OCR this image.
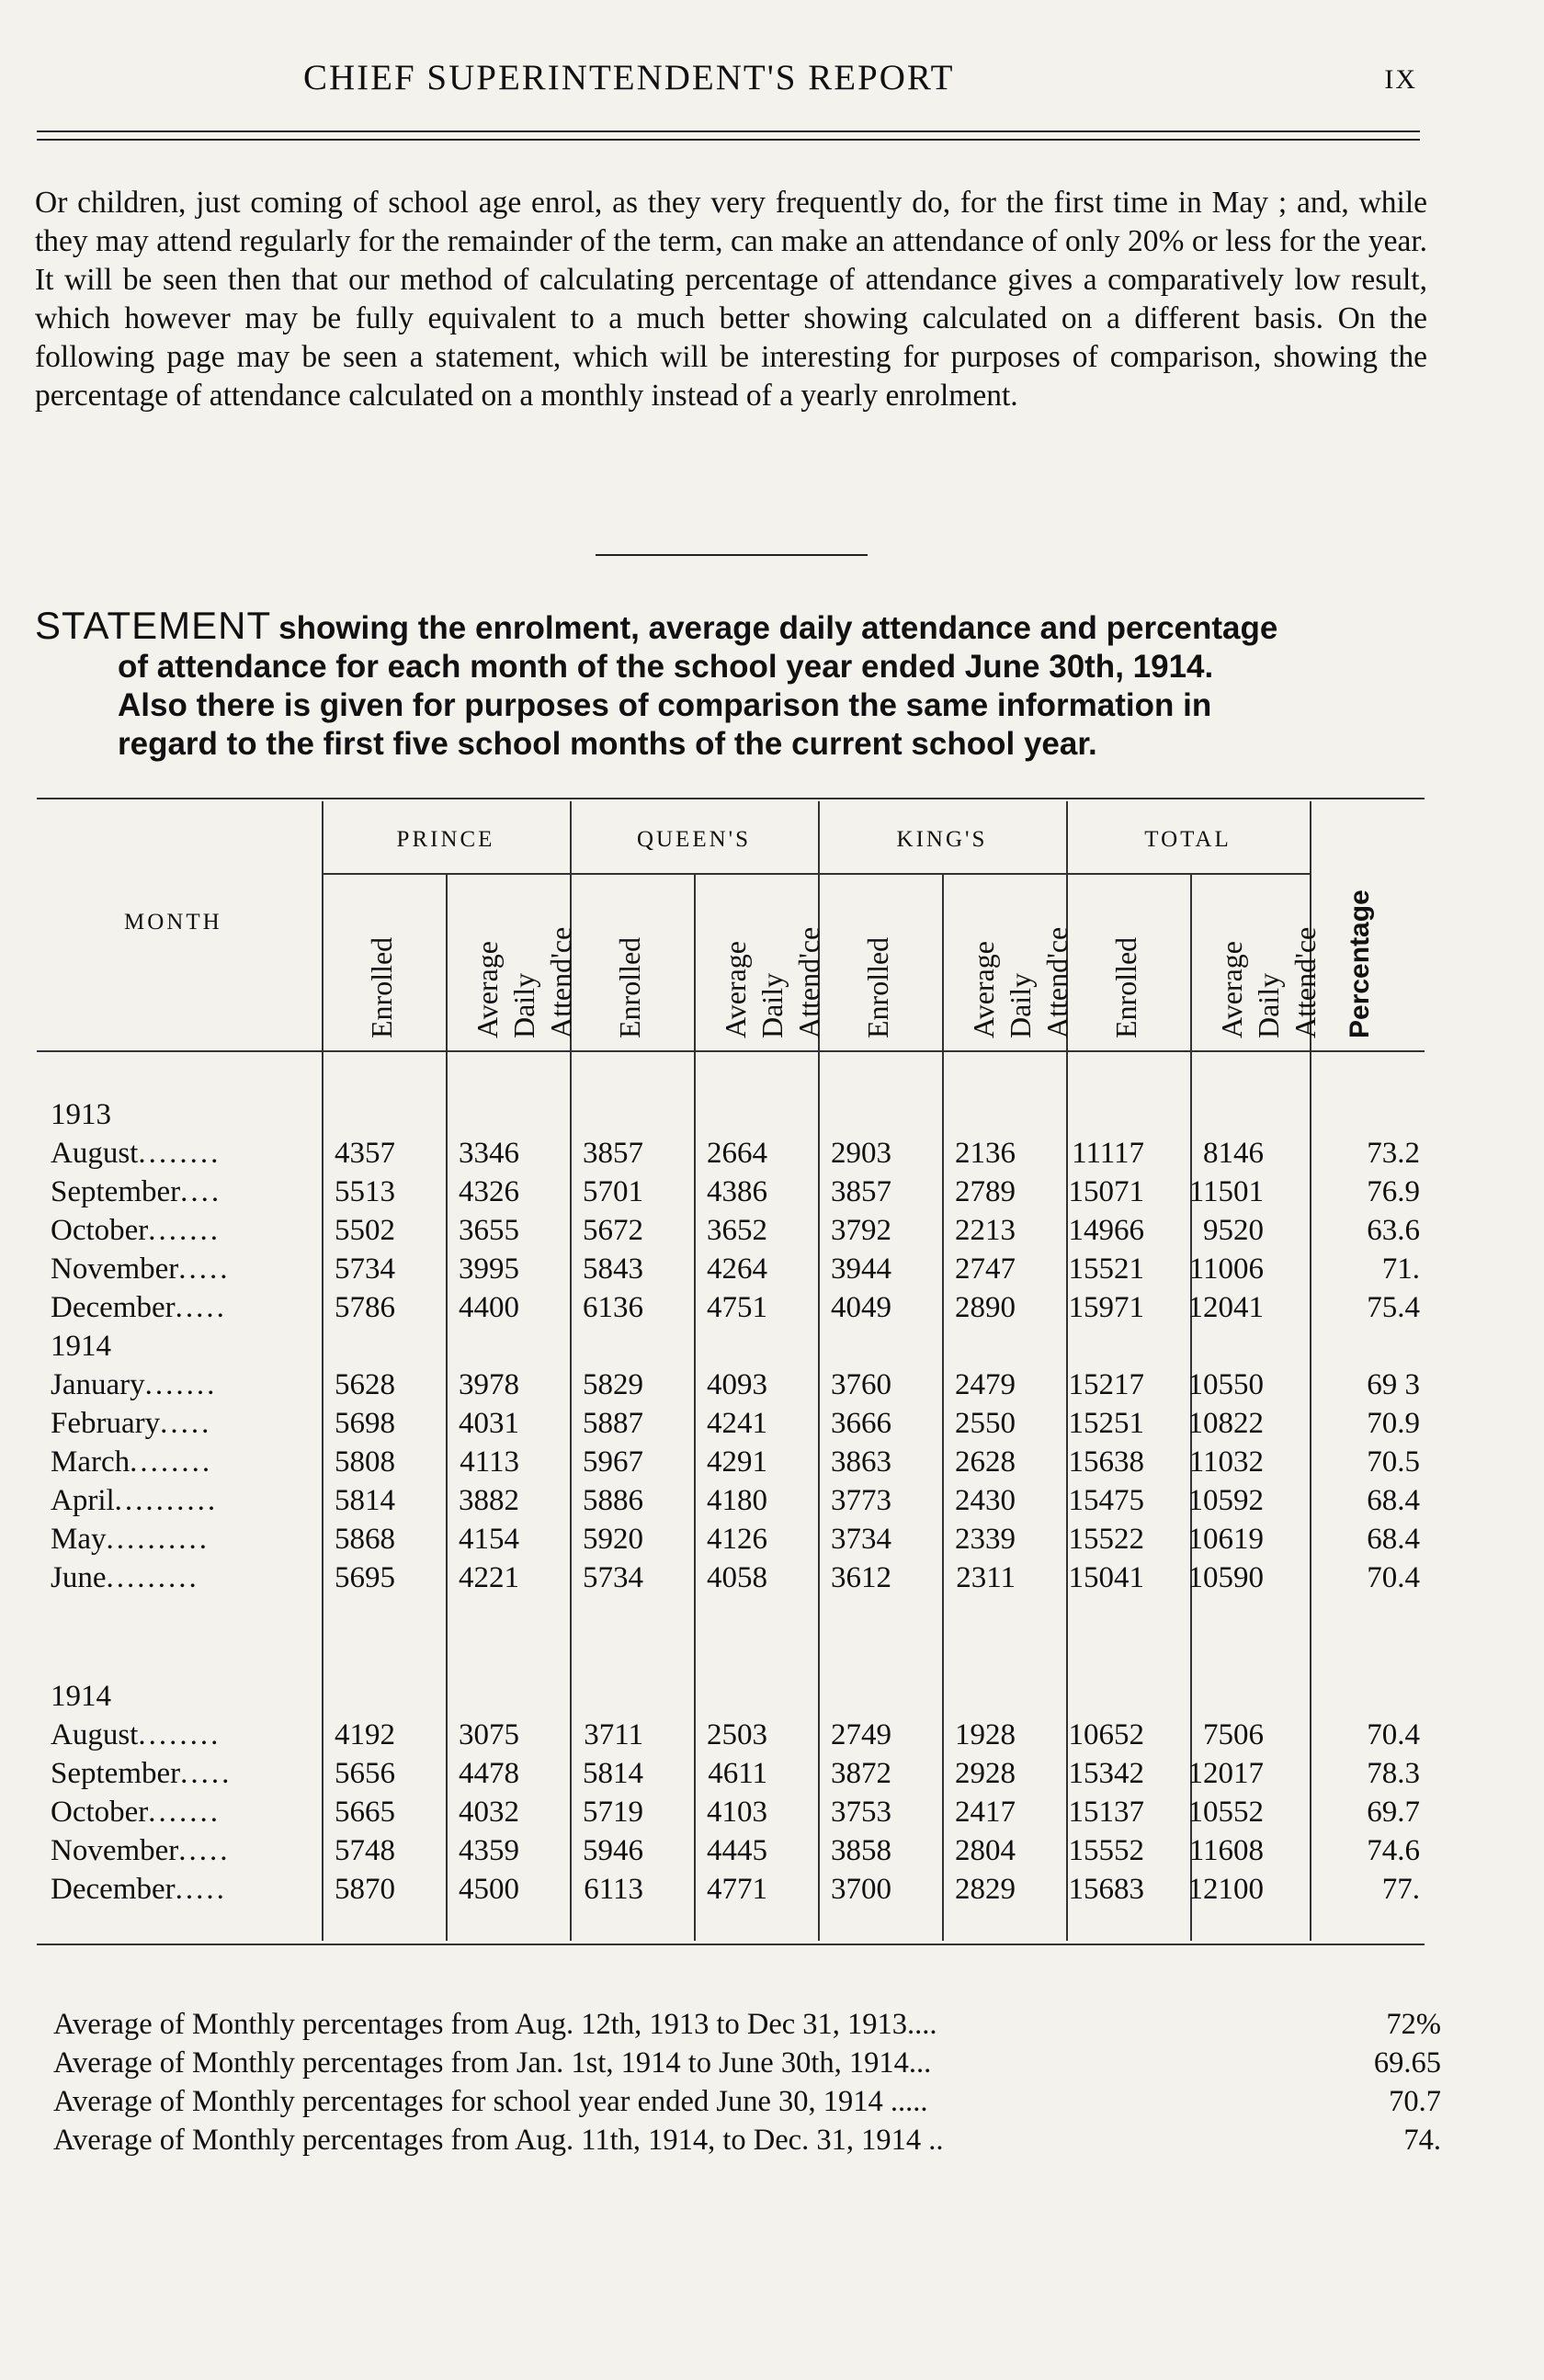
CHIEF SUPERINTENDENT'S REPORT	IX
Or children, just coming of school age enrol, as they very frequently do, for the first time in May ; and, while they may attend regularly for the remainder of the term, can make an attendance of only 20% or less for the year. It will be seen then that our method of calculating percentage of attendance gives a comparatively low result, which however may be fully equivalent to a much better showing calculated on a different basis. On the following page may be seen a statement, which will be interesting for purposes of comparison, showing the percentage of attendance calculated on a monthly instead of a yearly enrolment.
STATEMENT showing the enrolment, average daily attendance and percentage
of attendance for each month of the school year ended June 30th, 1914.
Also there is given for purposes of comparison the same information in
regard to the first five school months of the current school year.
PRINCE	QUEEN'S	KING'S	TOTAL
MONTH
Enrolled Average Daily Attend'ce Enrolled Average Daily Attend'ce Enrolled Average Daily Attend'ce Enrolled Average Daily Attend'ce Percentage
1913
August........	4357 3346 3857 2664 2903 2136 11117 8146	73.2
September....	5513 4326 5701 4386 3857 2789 15071 11501	76.9
October.......	5502 3655 5672 3652 3792 2213 14966 9520	63.6
November.....	5734 3995 5843 4264 3944 2747 15521 11006	71.
December.....	5786 4400 6136 4751 4049 2890 15971 12041	75.4
1914
January.......	5628 3978 5829 4093 3760 2479 15217 10550	69 3
February.....	5698 4031 5887 4241 3666 2550 15251 10822	70.9
March........	5808 4113 5967 4291 3863 2628 15638 11032	70.5
April..........	5814 3882 5886 4180 3773 2430 15475 10592	68.4
May..........	5868 4154 5920 4126 3734 2339 15522 10619	68.4
June.........	5695 4221 5734 4058 3612 2311 15041 10590	70.4
1914
August........	4192 3075 3711 2503 2749 1928 10652 7506	70.4
September.....	5656 4478 5814 4611 3872 2928 15342 12017	78.3
October.......	5665 4032 5719 4103 3753 2417 15137 10552	69.7
November.....	5748 4359 5946 4445 3858 2804 15552 11608	74.6
December.....	5870 4500 6113 4771 3700 2829 15683 12100	77.
Average of Monthly percentages from Aug. 12th, 1913 to Dec 31, 1913....	72%
Average of Monthly percentages from Jan. 1st, 1914 to June 30th, 1914...	69.65
Average of Monthly percentages for school year ended June 30, 1914 .....	70.7
Average of Monthly percentages from Aug. 11th, 1914, to Dec. 31, 1914 ..	74.
